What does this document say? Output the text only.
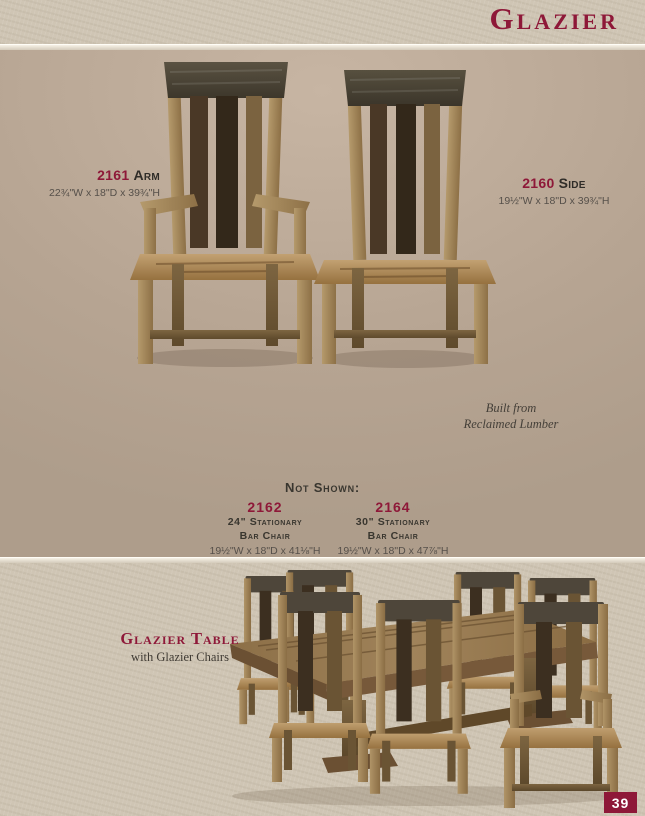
Glazier
2161 Arm
22¾"W x 18"D x 39¾"H
2160 Side
19½"W x 18"D x 39¾"H
Built from
Reclaimed Lumber
Not Shown:
2162
24" Stationary
Bar Chair
19½"W x 18"D x 41⅛"H
2164
30" Stationary
Bar Chair
19½"W x 18"D x 47⅞"H
Glazier Table
with Glazier Chairs
39
